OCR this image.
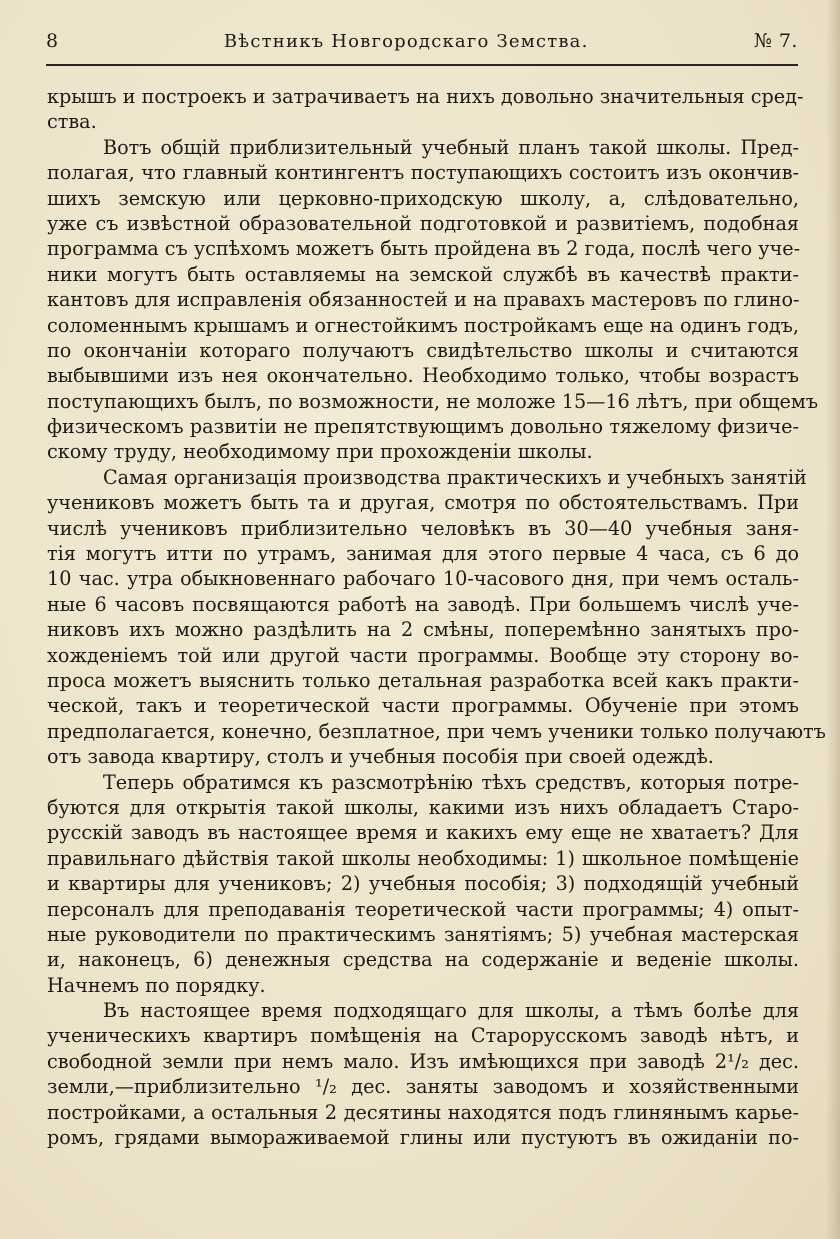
8	Вѣстникъ Новгородскаго Земства.	№ 7.
крышъ и построекъ и затрачиваетъ на нихъ довольно значительныя сред-
ства.
Вотъ общій приблизительный учебный планъ такой школы. Пред-
полагая, что главный контингентъ поступающихъ состоитъ изъ окончив-
шихъ земскую или церковно-приходскую школу, а, слѣдовательно,
уже съ извѣстной образовательной подготовкой и развитіемъ, подобная
программа съ успѣхомъ можетъ быть пройдена въ 2 года, послѣ чего уче-
ники могутъ быть оставляемы на земской службѣ въ качествѣ практи-
кантовъ для исправленія обязанностей и на правахъ мастеровъ по глино-
соломеннымъ крышамъ и огнестойкимъ постройкамъ еще на одинъ годъ,
по окончаніи котораго получаютъ свидѣтельство школы и считаются
выбывшими изъ нея окончательно. Необходимо только, чтобы возрастъ
поступающихъ былъ, по возможности, не моложе 15—16 лѣтъ, при общемъ
физическомъ развитіи не препятствующимъ довольно тяжелому физиче-
скому труду, необходимому при прохожденіи школы.
Самая организація производства практическихъ и учебныхъ занятій
учениковъ можетъ быть та и другая, смотря по обстоятельствамъ. При
числѣ учениковъ приблизительно человѣкъ въ 30—40 учебныя заня-
тія могутъ итти по утрамъ, занимая для этого первые 4 часа, съ 6 до
10 час. утра обыкновеннаго рабочаго 10-часового дня, при чемъ осталь-
ные 6 часовъ посвящаются работѣ на заводѣ. При большемъ числѣ уче-
никовъ ихъ можно раздѣлить на 2 смѣны, поперемѣнно занятыхъ про-
хожденіемъ той или другой части программы. Вообще эту сторону во-
проса можетъ выяснить только детальная разработка всей какъ практи-
ческой, такъ и теоретической части программы. Обученіе при этомъ
предполагается, конечно, безплатное, при чемъ ученики только получаютъ
отъ завода квартиру, столъ и учебныя пособія при своей одеждѣ.
Теперь обратимся къ разсмотрѣнію тѣхъ средствъ, которыя потре-
буются для открытія такой школы, какими изъ нихъ обладаетъ Старо-
русскій заводъ въ настоящее время и какихъ ему еще не хватаетъ? Для
правильнаго дѣйствія такой школы необходимы: 1) школьное помѣщеніе
и квартиры для учениковъ; 2) учебныя пособія; 3) подходящій учебный
персоналъ для преподаванія теоретической части программы; 4) опыт-
ные руководители по практическимъ занятіямъ; 5) учебная мастерская
и, наконецъ, 6) денежныя средства на содержаніе и веденіе школы.
Начнемъ по порядку.
Въ настоящее время подходящаго для школы, а тѣмъ болѣе для
ученическихъ квартиръ помѣщенія на Старорусскомъ заводѣ нѣтъ, и
свободной земли при немъ мало. Изъ имѣющихся при заводѣ 2¹/₂ дес.
земли,—приблизительно ¹/₂ дес. заняты заводомъ и хозяйственными
постройками, а остальныя 2 десятины находятся подъ глинянымъ карье-
ромъ, грядами вымораживаемой глины или пустуютъ въ ожиданіи по-
